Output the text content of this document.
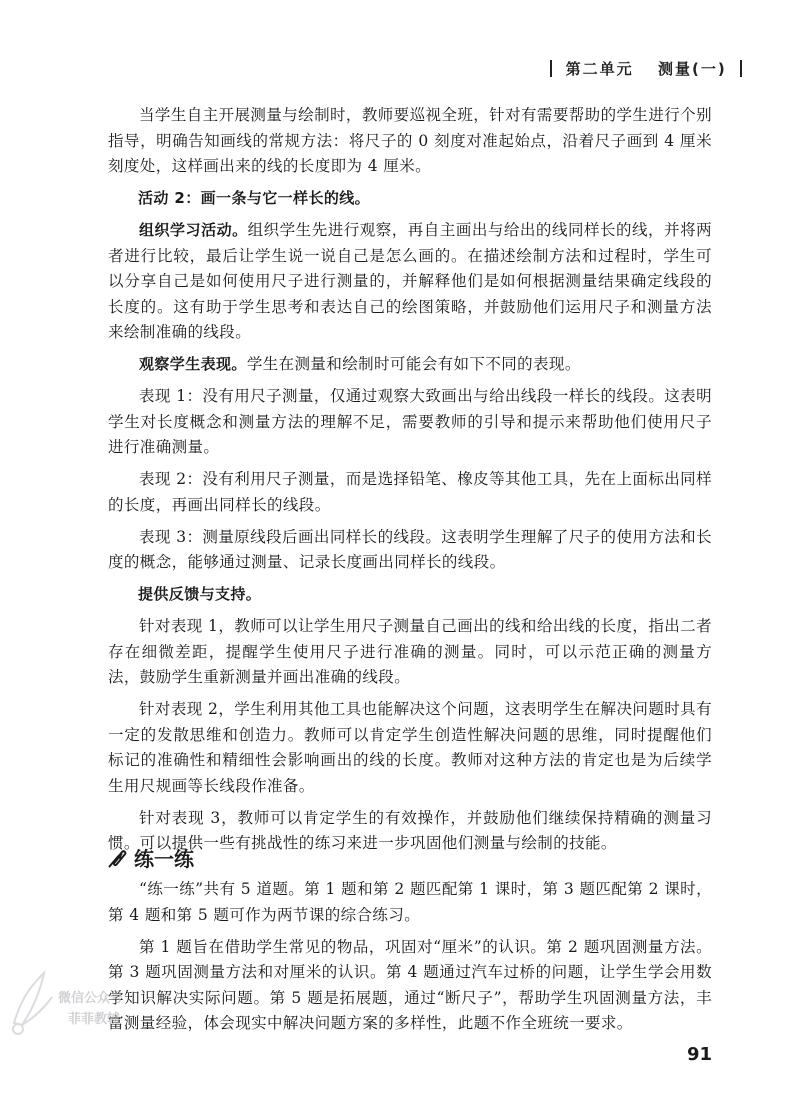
第二单元 测量(一)

当学生自主开展测量与绘制时，教师要巡视全班，针对有需要帮助的学生进行个别指导，明确告知画线的常规方法：将尺子的 0 刻度对准起始点，沿着尺子画到 4 厘米刻度处，这样画出来的线的长度即为 4 厘米。

活动 2：画一条与它一样长的线。

组织学习活动。组织学生先进行观察，再自主画出与给出的线同样长的线，并将两者进行比较，最后让学生说一说自己是怎么画的。在描述绘制方法和过程时，学生可以分享自己是如何使用尺子进行测量的，并解释他们是如何根据测量结果确定线段的长度的。这有助于学生思考和表达自己的绘图策略，并鼓励他们运用尺子和测量方法来绘制准确的线段。

观察学生表现。学生在测量和绘制时可能会有如下不同的表现。

表现 1：没有用尺子测量，仅通过观察大致画出与给出线段一样长的线段。这表明学生对长度概念和测量方法的理解不足，需要教师的引导和提示来帮助他们使用尺子进行准确测量。

表现 2：没有利用尺子测量，而是选择铅笔、橡皮等其他工具，先在上面标出同样的长度，再画出同样长的线段。

表现 3：测量原线段后画出同样长的线段。这表明学生理解了尺子的使用方法和长度的概念，能够通过测量、记录长度画出同样长的线段。

提供反馈与支持。

针对表现 1，教师可以让学生用尺子测量自己画出的线和给出线的长度，指出二者存在细微差距，提醒学生使用尺子进行准确的测量。同时，可以示范正确的测量方法，鼓励学生重新测量并画出准确的线段。

针对表现 2，学生利用其他工具也能解决这个问题，这表明学生在解决问题时具有一定的发散思维和创造力。教师可以肯定学生创造性解决问题的思维，同时提醒他们标记的准确性和精细性会影响画出的线的长度。教师对这种方法的肯定也是为后续学生用尺规画等长线段作准备。

针对表现 3，教师可以肯定学生的有效操作，并鼓励他们继续保持精确的测量习惯。可以提供一些有挑战性的练习来进一步巩固他们测量与绘制的技能。

练一练

“练一练”共有 5 道题。第 1 题和第 2 题匹配第 1 课时，第 3 题匹配第 2 课时，第 4 题和第 5 题可作为两节课的综合练习。

第 1 题旨在借助学生常见的物品，巩固对“厘米”的认识。第 2 题巩固测量方法。第 3 题巩固测量方法和对厘米的认识。第 4 题通过汽车过桥的问题，让学生学会用数学知识解决实际问题。第 5 题是拓展题，通过“断尺子”，帮助学生巩固测量方法，丰富测量经验，体会现实中解决问题方案的多样性，此题不作全班统一要求。

微信公众号
菲菲教辅
91
